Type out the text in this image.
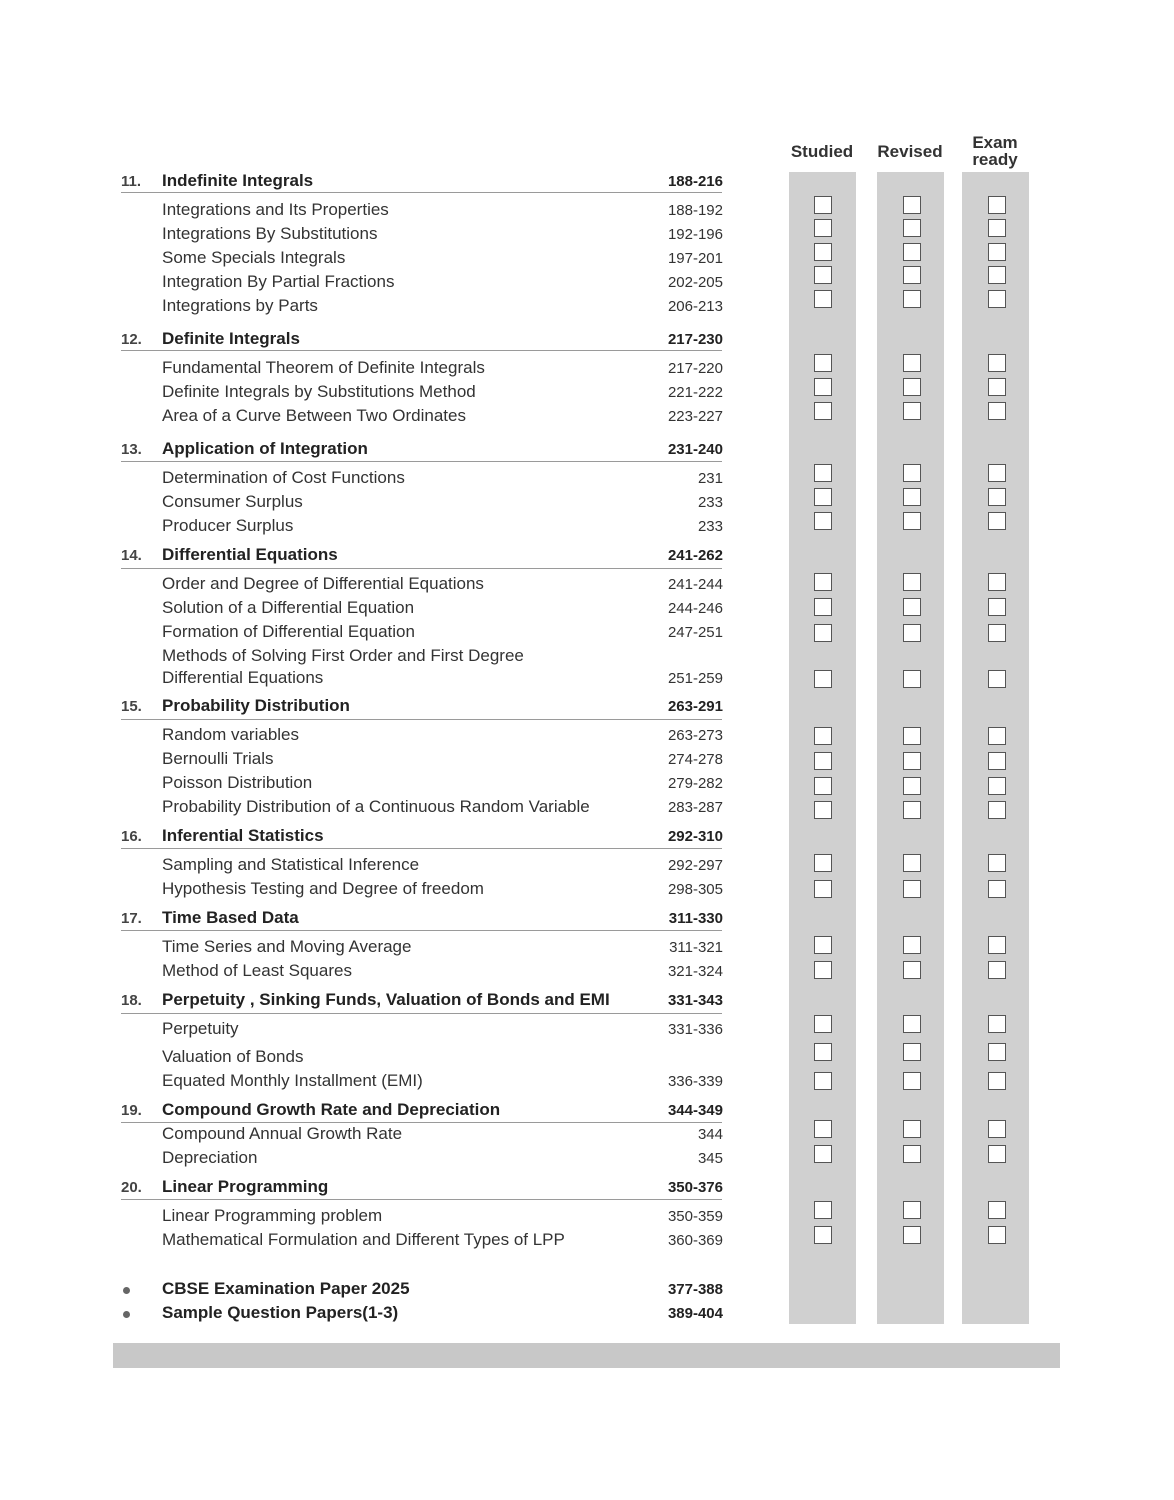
Studied	Revised	Exam
ready
11. Indefinite Integrals	188-216
Integrations and Its Properties	188-192
Integrations By Substitutions	192-196
Some Specials Integrals	197-201
Integration By Partial Fractions	202-205
Integrations by Parts	206-213
12. Definite Integrals	217-230
Fundamental Theorem of Definite Integrals	217-220
Definite Integrals by Substitutions Method	221-222
Area of a Curve Between Two Ordinates	223-227
13. Application of Integration	231-240
Determination of Cost Functions	231
Consumer Surplus	233
Producer Surplus	233
14. Differential Equations	241-262
Order and Degree of Differential Equations	241-244
Solution of a Differential Equation	244-246
Formation of Differential Equation	247-251
Methods of Solving First Order and First Degree
Differential Equations	251-259
15. Probability Distribution	263-291
Random variables	263-273
Bernoulli Trials	274-278
Poisson Distribution	279-282
Probability Distribution of a Continuous Random Variable	283-287
16. Inferential Statistics	292-310
Sampling and Statistical Inference	292-297
Hypothesis Testing and Degree of freedom	298-305
17. Time Based Data	311-330
Time Series and Moving Average	311-321
Method of Least Squares	321-324
18. Perpetuity , Sinking Funds, Valuation of Bonds and EMI	331-343
Perpetuity	331-336
Valuation of Bonds
Equated Monthly Installment (EMI)	336-339
19. Compound Growth Rate and Depreciation	344-349
Compound Annual Growth Rate	344
Depreciation	345
20. Linear Programming	350-376
Linear Programming problem	350-359
Mathematical Formulation and Different Types of LPP	360-369
CBSE Examination Paper 2025	377-388
Sample Question Papers(1-3)	389-404
